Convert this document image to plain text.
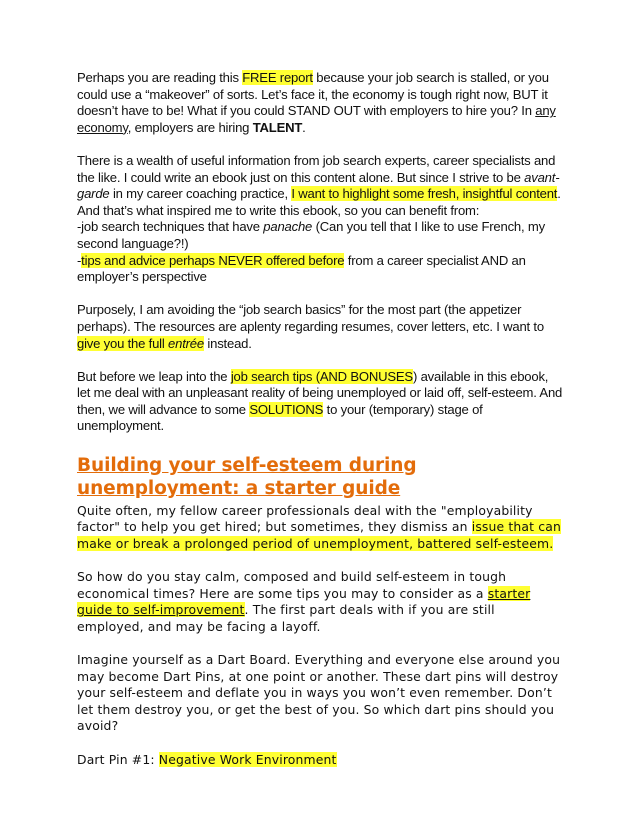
Perhaps you are reading this FREE report because your job search is stalled, or you could use a “makeover” of sorts. Let’s face it, the economy is tough right now, BUT it doesn’t have to be! What if you could STAND OUT with employers to hire you? In any economy, employers are hiring TALENT.

There is a wealth of useful information from job search experts, career specialists and the like. I could write an ebook just on this content alone. But since I strive to be avant-garde in my career coaching practice, I want to highlight some fresh, insightful content. And that’s what inspired me to write this ebook, so you can benefit from:
-job search techniques that have panache (Can you tell that I like to use French, my second language?!)
-tips and advice perhaps NEVER offered before from a career specialist AND an employer’s perspective

Purposely, I am avoiding the “job search basics” for the most part (the appetizer perhaps). The resources are aplenty regarding resumes, cover letters, etc. I want to give you the full entrée instead.

But before we leap into the job search tips (AND BONUSES) available in this ebook, let me deal with an unpleasant reality of being unemployed or laid off, self-esteem. And then, we will advance to some SOLUTIONS to your (temporary) stage of unemployment.

Building your self-esteem during unemployment: a starter guide

Quite often, my fellow career professionals deal with the "employability factor" to help you get hired; but sometimes, they dismiss an issue that can make or break a prolonged period of unemployment, battered self-esteem.

So how do you stay calm, composed and build self-esteem in tough economical times? Here are some tips you may to consider as a starter guide to self-improvement. The first part deals with if you are still employed, and may be facing a layoff.

Imagine yourself as a Dart Board. Everything and everyone else around you may become Dart Pins, at one point or another. These dart pins will destroy your self-esteem and deflate you in ways you won’t even remember. Don’t let them destroy you, or get the best of you. So which dart pins should you avoid?

Dart Pin #1: Negative Work Environment
